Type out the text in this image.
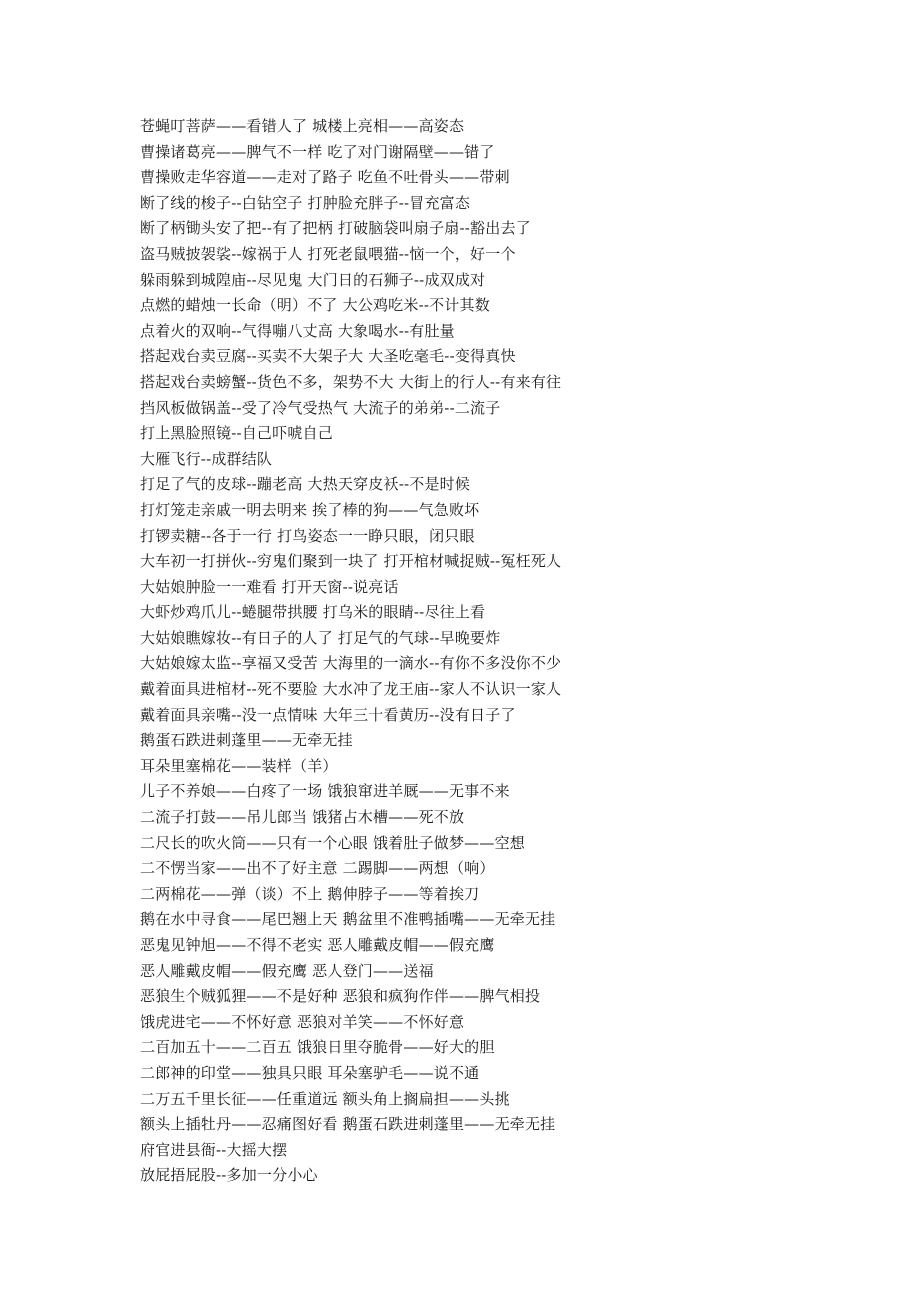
苍蝇叮菩萨——看错人了 城楼上亮相——高姿态
曹操诸葛亮——脾气不一样 吃了对门谢隔壁——错了
曹操败走华容道——走对了路子 吃鱼不吐骨头——带刺
断了线的梭子--白钻空子 打肿脸充胖子--冒充富态
断了柄锄头安了把--有了把柄 打破脑袋叫扇子扇--豁出去了
盗马贼披袈裟--嫁祸于人 打死老鼠喂猫--恼一个，好一个
躲雨躲到城隍庙--尽见鬼 大门日的石狮子--成双成对
点燃的蜡烛一长命（明）不了 大公鸡吃米--不计其数
点着火的双响--气得嘣八丈高 大象喝水--有肚量
搭起戏台卖豆腐--买卖不大架子大 大圣吃毫毛--变得真快
搭起戏台卖螃蟹--货色不多，架势不大 大街上的行人--有来有往
挡风板做锅盖--受了冷气受热气 大流子的弟弟--二流子
打上黑脸照镜--自己吓唬自己
大雁飞行--成群结队
打足了气的皮球--蹦老高 大热天穿皮袄--不是时候
打灯笼走亲戚一明去明来 挨了棒的狗——气急败坏
打锣卖糖--各于一行 打鸟姿态一一睁只眼，闭只眼
大车初一打拼伙--穷鬼们聚到一块了 打开棺材喊捉贼--冤枉死人
大姑娘肿脸一一难看 打开天窗--说亮话
大虾炒鸡爪儿--蜷腿带拱腰 打乌米的眼睛--尽往上看
大姑娘瞧嫁妆--有日子的人了 打足气的气球--早晚要炸
大姑娘嫁太监--享福又受苦 大海里的一滴水--有你不多没你不少
戴着面具进棺材--死不要脸 大水冲了龙王庙--家人不认识一家人
戴着面具亲嘴--没一点情味 大年三十看黄历--没有日子了
鹅蛋石跌进刺蓬里——无牵无挂
耳朵里塞棉花——装样（羊）
儿子不养娘——白疼了一场 饿狼窜进羊厩——无事不来
二流子打鼓——吊儿郎当 饿猪占木槽——死不放
二尺长的吹火筒——只有一个心眼 饿着肚子做梦——空想
二不愣当家——出不了好主意 二踢脚——两想（响）
二两棉花——弹（谈）不上 鹅伸脖子——等着挨刀
鹅在水中寻食——尾巴翘上天 鹅盆里不准鸭插嘴——无牵无挂
恶鬼见钟旭——不得不老实 恶人雕戴皮帽——假充鹰
恶人雕戴皮帽——假充鹰 恶人登门——送福
恶狼生个贼狐狸——不是好种 恶狼和疯狗作伴——脾气相投
饿虎进宅——不怀好意 恶狼对羊笑——不怀好意
二百加五十——二百五 饿狼日里夺脆骨——好大的胆
二郎神的印堂——独具只眼 耳朵塞驴毛——说不通
二万五千里长征——任重道远 额头角上搁扁担——头挑
额头上插牡丹——忍痛图好看 鹅蛋石跌进刺蓬里——无牵无挂
府官进县衙--大摇大摆
放屁捂屁股--多加一分小心
